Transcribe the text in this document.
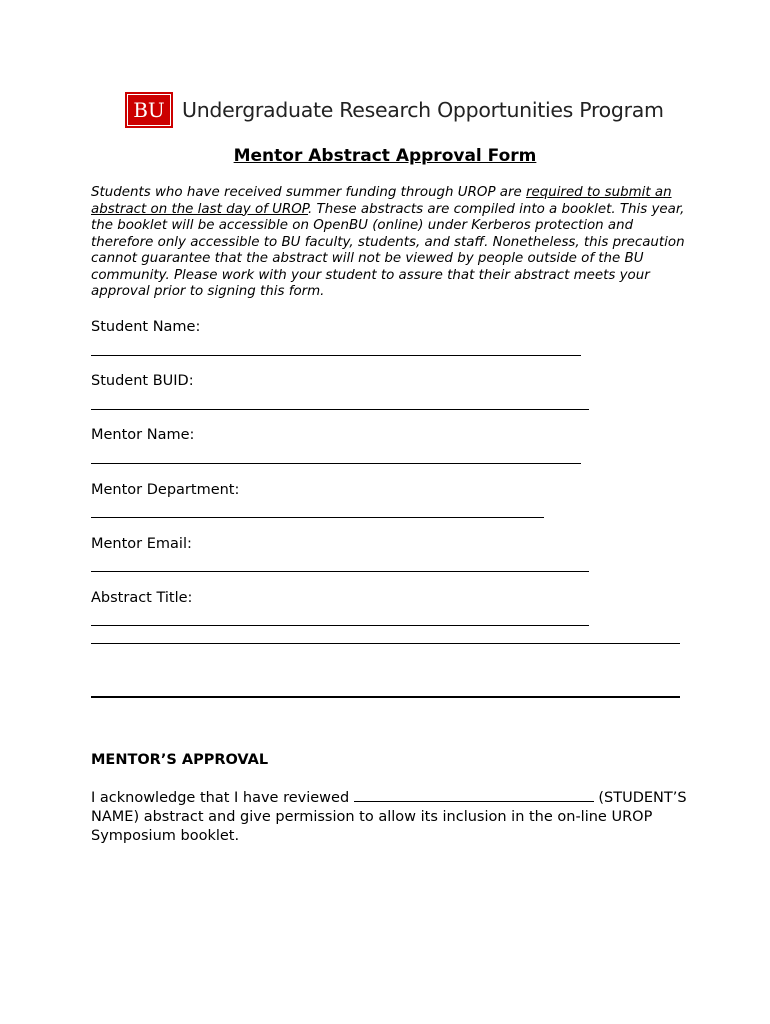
BU Undergraduate Research Opportunities Program
Mentor Abstract Approval Form
Students who have received summer funding through UROP are required to submit an abstract on the last day of UROP. These abstracts are compiled into a booklet. This year, the booklet will be accessible on OpenBU (online) under Kerberos protection and therefore only accessible to BU faculty, students, and staff. Nonetheless, this precaution cannot guarantee that the abstract will not be viewed by people outside of the BU community. Please work with your student to assure that their abstract meets your approval prior to signing this form.
Student Name:
Student BUID:
Mentor Name:
Mentor Department:
Mentor Email:
Abstract Title:
MENTOR’S APPROVAL
I acknowledge that I have reviewed	(STUDENT’S NAME) abstract and give permission to allow its inclusion in the on-line UROP Symposium booklet.
